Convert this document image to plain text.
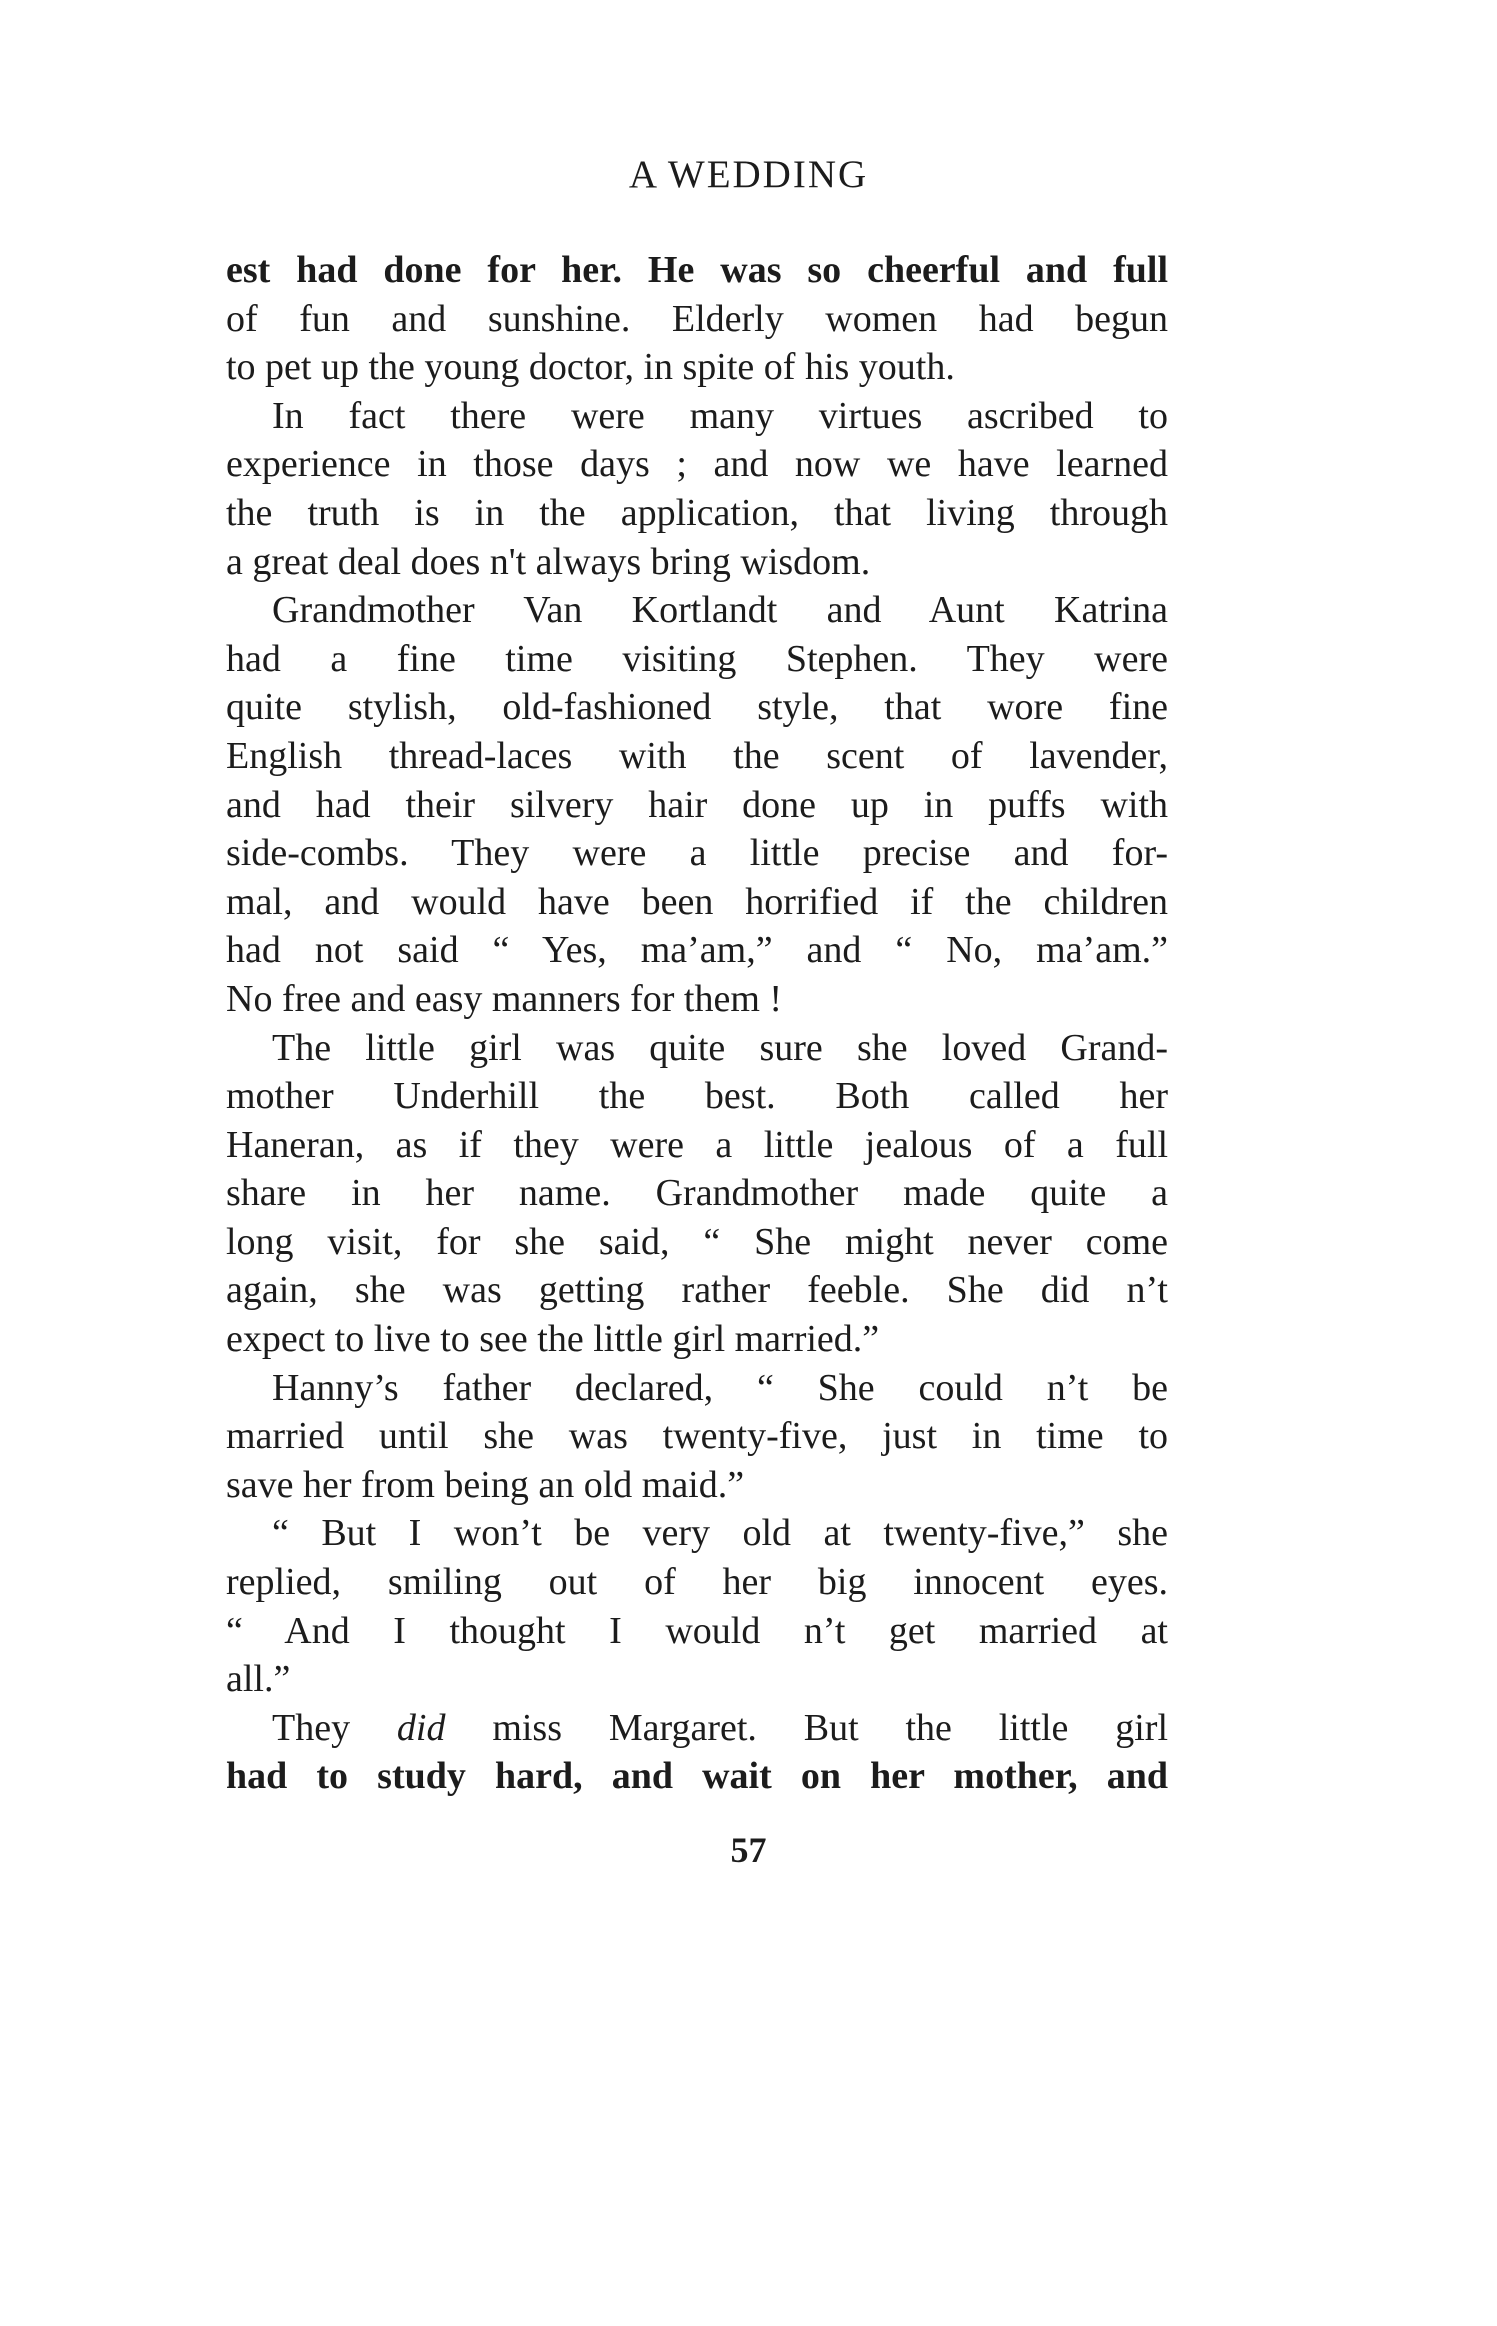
A WEDDING
est had done for her. He was so cheerful and full
of fun and sunshine. Elderly women had begun
to pet up the young doctor, in spite of his youth.
In fact there were many virtues ascribed to
experience in those days ; and now we have learned
the truth is in the application, that living through
a great deal does n't always bring wisdom.
Grandmother Van Kortlandt and Aunt Katrina
had a fine time visiting Stephen. They were
quite stylish, old-fashioned style, that wore fine
English thread-laces with the scent of lavender,
and had their silvery hair done up in puffs with
side-combs. They were a little precise and for-
mal, and would have been horrified if the children
had not said “ Yes, ma’am,” and “ No, ma’am.”
No free and easy manners for them !
The little girl was quite sure she loved Grand-
mother Underhill the best. Both called her
Haneran, as if they were a little jealous of a full
share in her name. Grandmother made quite a
long visit, for she said, “ She might never come
again, she was getting rather feeble. She did n’t
expect to live to see the little girl married.”
Hanny’s father declared, “ She could n’t be
married until she was twenty-five, just in time to
save her from being an old maid.”
“ But I won’t be very old at twenty-five,” she
replied, smiling out of her big innocent eyes.
“ And I thought I would n’t get married at
all.”
They did miss Margaret. But the little girl
had to study hard, and wait on her mother, and
57
